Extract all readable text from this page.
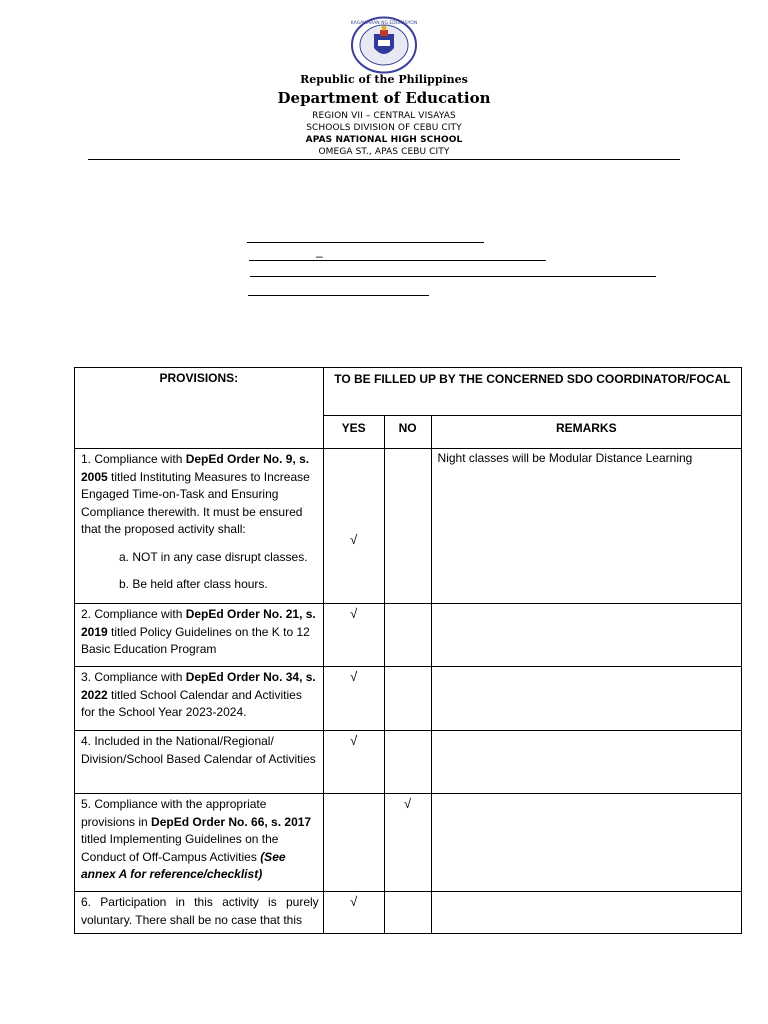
KAGAWARAN NG EDUKASYON
Republic of the Philippines
Department of Education
REGION VII – CENTRAL VISAYAS
SCHOOLS DIVISION OF CEBU CITY
APAS NATIONAL HIGH SCHOOL
OMEGA ST., APAS CEBU CITY
–
PROVISIONS:	TO BE FILLED UP BY THE CONCERNED SDO COORDINATOR/FOCAL		
	YES	NO	REMARKS
1. Compliance with DepEd Order No. 9, s. 2005 titled Instituting Measures to Increase Engaged Time-on-Task and Ensuring Compliance therewith. It must be ensured that the proposed activity shall:
a. NOT in any case disrupt classes.
b. Be held after class hours.	√		Night classes will be Modular Distance Learning
2. Compliance with DepEd Order No. 21, s. 2019 titled Policy Guidelines on the K to 12 Basic Education Program	√		
3. Compliance with DepEd Order No. 34, s. 2022 titled School Calendar and Activities for the School Year 2023-2024.	√		
4. Included in the National/Regional/ Division/School Based Calendar of Activities	√		
5. Compliance with the appropriate provisions in DepEd Order No. 66, s. 2017 titled Implementing Guidelines on the Conduct of Off-Campus Activities (See annex A for reference/checklist)		√	
6. Participation in this activity is purely voluntary. There shall be no case that this	√		
